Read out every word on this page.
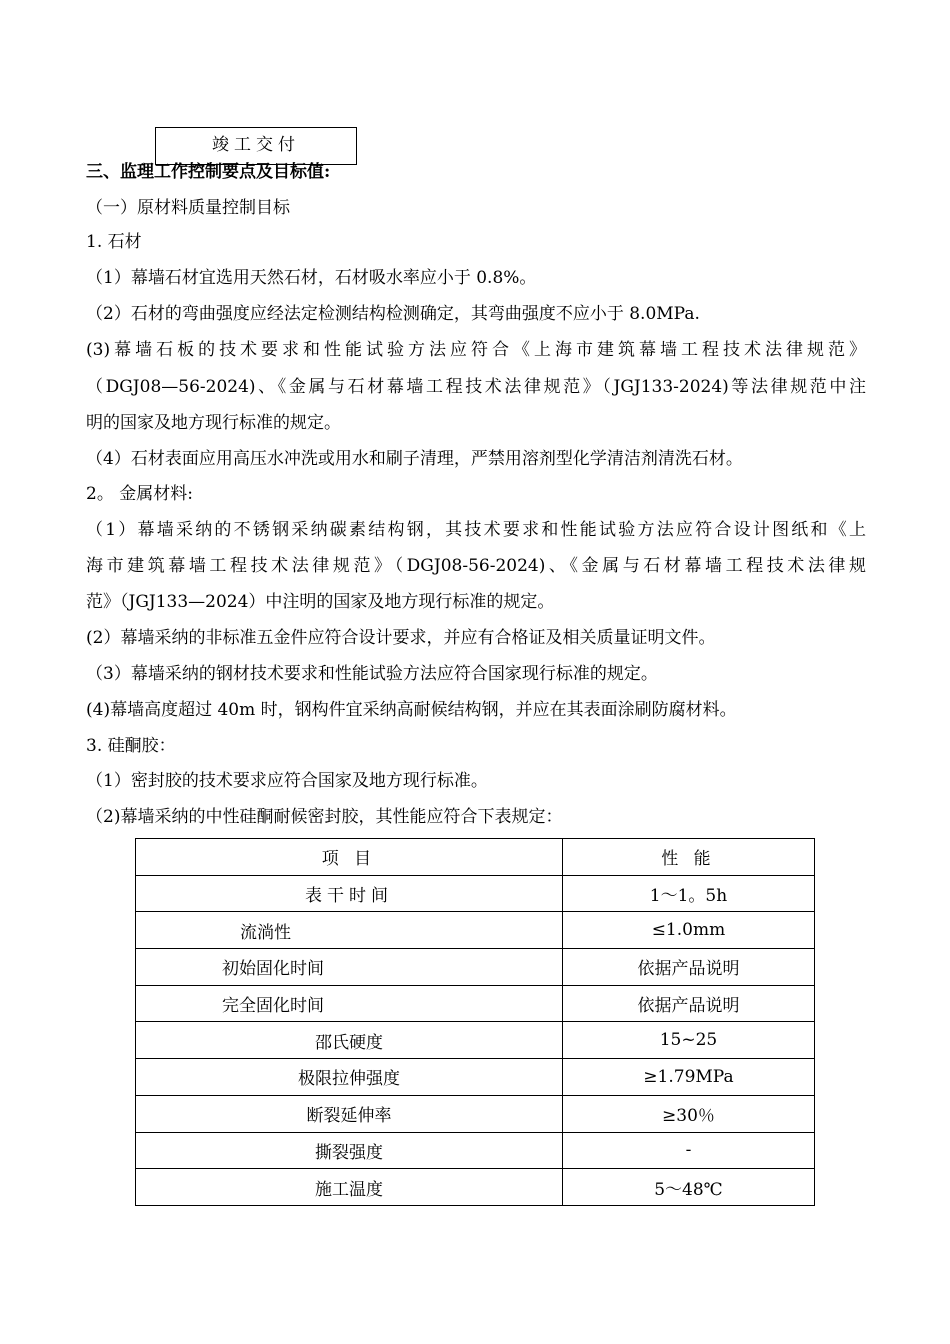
竣工交付
三、监理工作控制要点及目标值:
（一）原材料质量控制目标
1. 石材
（1）幕墙石材宜选用天然石材，石材吸水率应小于 0.8%。
（2）石材的弯曲强度应经法定检测结构检测确定，其弯曲强度不应小于 8.0MPa.
(3)幕墙石板的技术要求和性能试验方法应符合《上海市建筑幕墙工程技术法律规范》
（DGJ08—56-2024)、《金属与石材幕墙工程技术法律规范》（JGJ133-2024)等法律规范中注
明的国家及地方现行标准的规定。
（4）石材表面应用高压水冲洗或用水和刷子清理，严禁用溶剂型化学清洁剂清洗石材。
2。 金属材料:
（1）幕墙采纳的不锈钢采纳碳素结构钢，其技术要求和性能试验方法应符合设计图纸和《上
海市建筑幕墙工程技术法律规范》（DGJ08-56-2024)、《金属与石材幕墙工程技术法律规
范》（JGJ133—2024）中注明的国家及地方现行标准的规定。
(2）幕墙采纳的非标准五金件应符合设计要求，并应有合格证及相关质量证明文件。
（3）幕墙采纳的钢材技术要求和性能试验方法应符合国家现行标准的规定。
(4)幕墙高度超过 40m 时，钢构件宜采纳高耐候结构钢，并应在其表面涂刷防腐材料。
3. 硅酮胶：
（1）密封胶的技术要求应符合国家及地方现行标准。
（2)幕墙采纳的中性硅酮耐候密封胶，其性能应符合下表规定：
项 目	性 能
表干时间	1～1。5h
流淌性	≤1.0mm
初始固化时间	依据产品说明
完全固化时间	依据产品说明
邵氏硬度	15~25
极限拉伸强度	≥1.79MPa
断裂延伸率	≥30％
撕裂强度	-
施工温度	5～48℃
